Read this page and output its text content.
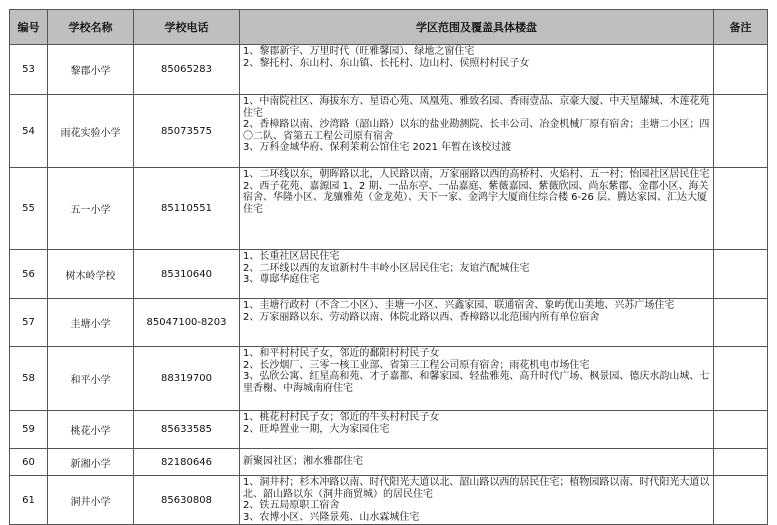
编号	学校名称	学校电话	学区范围及覆盖具体楼盘	备注
53	黎郡小学	85065283	1、黎郡新宇、万里时代（旺雅馨园）、绿地之窗住宅
2、黎托村、东山村、东山镇、长托村、边山村、侯照村村民子女	

54	雨花实验小学	85073575	1、中南院社区、海拔东方、星语心苑、凤凰苑、雅致名园、香雨壹品、京豪大厦、中天星耀城、木莲花苑住宅
2、香樟路以南、沙湾路（韶山路）以东的盐业勘测院、长丰公司、冶金机械厂原有宿舍；圭塘二小区；四〇二队、省第五工程公司原有宿舍
3、万科金域华府、保利茉莉公馆住宅 2021 年暂在该校过渡	

55	五一小学	85110551	1、二环线以东，朝晖路以北，人民路以南，万家丽路以西的高桥村、火焰村、五一村；怡园社区居民住宅
2、西子花苑、嘉源园 1、2 期、一品东亭、一品嘉庭、紫薇嘉园、紫薇欣园、尚东紫郡、金郡小区、海关宿舍、华隆小区、龙骧雅苑（金龙苑）、天下一家、金鸿宇大厦商住综合楼 6-26 层、腾达家园、汇达大厦住宅	

56	树木岭学校	85310640	1、长重社区居民住宅
2、二环线以西的友谊新村牛丰岭小区居民住宅；友谊汽配城住宅
3、尊邸华庭住宅	

57	圭塘小学	85047100-8203	1、圭塘行政村（不含二小区）、圭塘一小区、兴鑫家园、联通宿舍、象屿优山美地、兴苏广场住宅
2、万家丽路以东、劳动路以南、体院北路以西、香樟路以北范围内所有单位宿舍	

58	和平小学	88319700	1、和平村村民子女，邻近的鄱阳村村民子女
2、长沙烟厂、三零一核工业部、省第三工程公司原有宿舍；雨花机电市场住宅
3、弘欣公寓、红星高和苑、才子嘉都、和馨家园、轻盐雅苑、高升时代广场、枫景园、德庆水韵山城、七里香榭、中海城南府住宅	

59	桃花小学	85633585	1、桃花村村民子女；邻近的牛头村村民子女
2、旺埠置业一期，大为家园住宅	

60	新湘小学	82180646	新聚园社区；湘水雅郡住宅	

61	洞井小学	85630808	1、洞井村；杉木冲路以南、时代阳光大道以北、韶山路以西的居民住宅；植物园路以南、时代阳光大道以北、韶山路以东（洞井商贸城）的居民住宅
2、铁五局原职工宿舍
3、农博小区、兴隆景苑、山水霖城住宅	
